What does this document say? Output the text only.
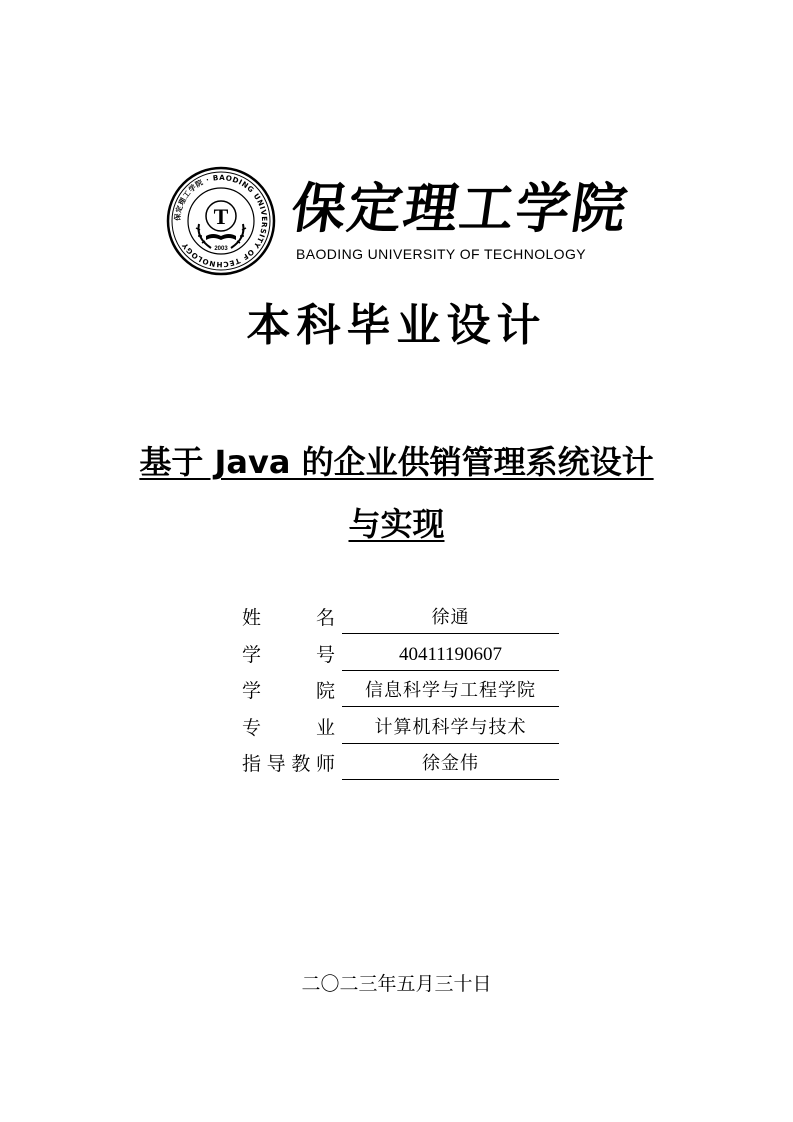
保定理工学院 · BAODING UNIVERSITY OF TECHNOLOGY
T
2003
保定理工学院
BAODING UNIVERSITY OF TECHNOLOGY
本科毕业设计
基于 Java 的企业供销管理系统设计
与实现
姓	名	徐通
学	号	40411190607
学	院	信息科学与工程学院
专	业	计算机科学与技术
指 导 教 师	徐金伟
二〇二三年五月三十日
